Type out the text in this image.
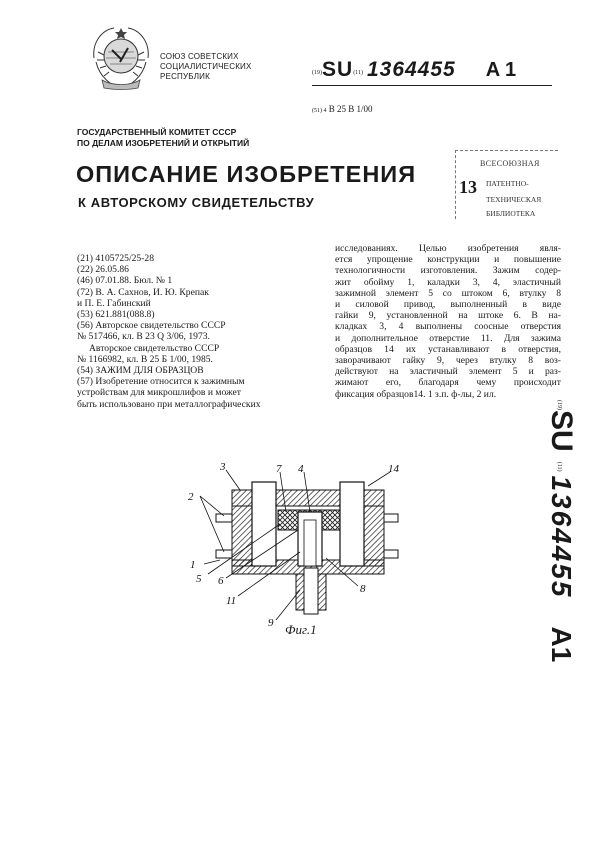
СОЮЗ СОВЕТСКИХ
СОЦИАЛИСТИЧЕСКИХ
РЕСПУБЛИК	(19)SU(11) 1364455 A 1
(51) 4 B 25 B 1/00
ГОСУДАРСТВЕННЫЙ КОМИТЕТ СССР
ПО ДЕЛАМ ИЗОБРЕТЕНИЙ И ОТКРЫТИЙ
ОПИСАНИЕ ИЗОБРЕТЕНИЯ
К АВТОРСКОМУ СВИДЕТЕЛЬСТВУ
13
ВСЕСОЮЗНАЯ
ПАТЕНТНО-
ТЕХНИЧЕСКАЯ
БИБЛИОТЕКА
(21) 4105725/25-28
(22) 26.05.86
(46) 07.01.88. Бюл. № 1
(72) В. А. Сахнов, И. Ю. Крепак
и П. Е. Габинский
(53) 621.881(088.8)
(56) Авторское свидетельство СССР
№ 517466, кл. В 23 Q 3/06, 1973.
Авторское свидетельство СССР
№ 1166982, кл. В 25 Б 1/00, 1985.
(54) ЗАЖИМ ДЛЯ ОБРАЗЦОВ
(57) Изобретение относится к зажимным
устройствам для микрошлифов и может
быть использовано при металлографических
исследованиях. Целью изобретения явля-
ется упрощение конструкции и повышение
технологичности изготовления. Зажим содер-
жит обойму 1, каладки 3, 4, эластичный
зажимной элемент 5 со штоком 6, втулку 8
и силовой привод, выполненный в виде
гайки 9, установленной на штоке 6. В на-
кладках 3, 4 выполнены соосные отверстия
и дополнительное отверстие 11. Для зажима
образцов 14 их устанавливают в отверстия,
заворачивают гайку 9, через втулку 8 воз-
действуют на эластичный элемент 5 и раз-
жимают его, благодаря чему происходит
фиксация образцов14. 1 з.п. ф-лы, 2 ил.
2
3	7 4	14
1
5 6
11
8
9 Фиг.1
$^{(19)}$SU$^{(11)}$ 1364455 A1
